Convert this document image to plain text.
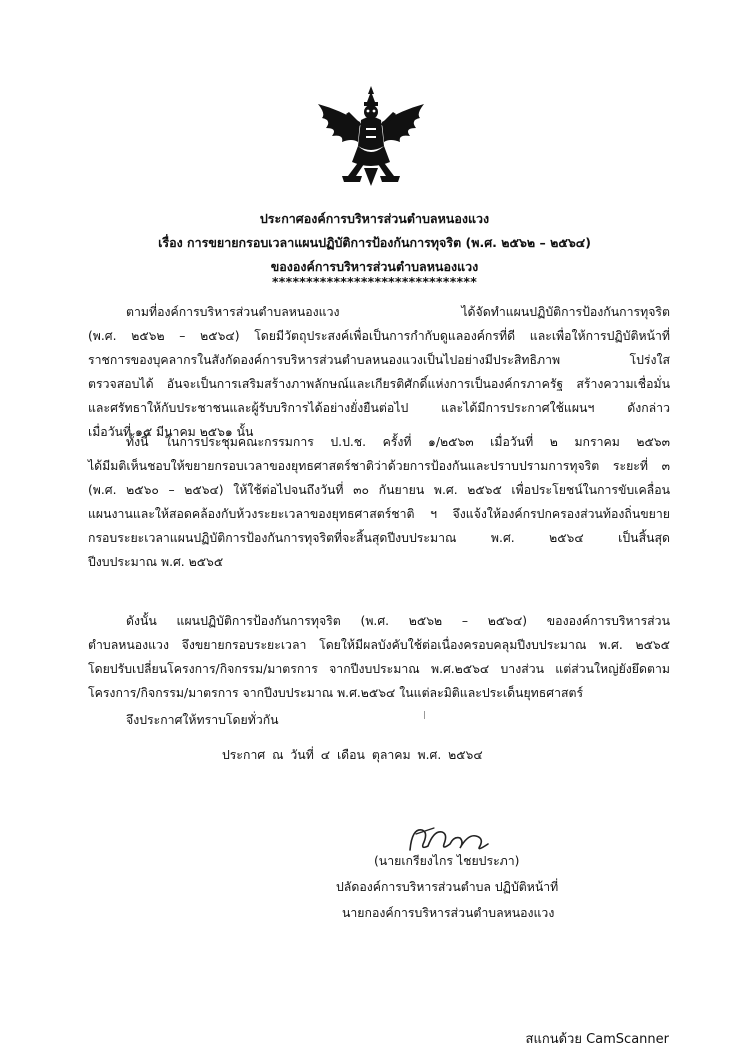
ประกาศองค์การบริหารส่วนตำบลหนองแวง
เรื่อง การขยายกรอบเวลาแผนปฏิบัติการป้องกันการทุจริต (พ.ศ. ๒๕๖๒ – ๒๕๖๔)
ขององค์การบริหารส่วนตำบลหนองแวง
******************************
ตามที่องค์การบริหารส่วนตำบลหนองแวง ได้จัดทำแผนปฏิบัติการป้องกันการทุจริต
(พ.ศ. ๒๕๖๒ – ๒๕๖๔) โดยมีวัตถุประสงค์เพื่อเป็นการกำกับดูแลองค์กรที่ดี และเพื่อให้การปฏิบัติหน้าที่
ราชการของบุคลากรในสังกัดองค์การบริหารส่วนตำบลหนองแวงเป็นไปอย่างมีประสิทธิภาพ โปร่งใส
ตรวจสอบได้ อันจะเป็นการเสริมสร้างภาพลักษณ์และเกียรติศักดิ์แห่งการเป็นองค์กรภาครัฐ สร้างความเชื่อมั่น
และศรัทธาให้กับประชาชนและผู้รับบริการได้อย่างยั่งยืนต่อไป และได้มีการประกาศใช้แผนฯ ดังกล่าว
เมื่อวันที่ ๑๕ มีนาคม ๒๕๖๑ นั้น
ทั้งนี้ ในการประชุมคณะกรรมการ ป.ป.ช. ครั้งที่ ๑/๒๕๖๓ เมื่อวันที่ ๒ มกราคม ๒๕๖๓
ได้มีมติเห็นชอบให้ขยายกรอบเวลาของยุทธศาสตร์ชาติว่าด้วยการป้องกันและปราบปรามการทุจริต ระยะที่ ๓
(พ.ศ. ๒๕๖๐ – ๒๕๖๔) ให้ใช้ต่อไปจนถึงวันที่ ๓๐ กันยายน พ.ศ. ๒๕๖๕ เพื่อประโยชน์ในการขับเคลื่อน
แผนงานและให้สอดคล้องกับห้วงระยะเวลาของยุทธศาสตร์ชาติ ฯ จึงแจ้งให้องค์กรปกครองส่วนท้องถิ่นขยาย
กรอบระยะเวลาแผนปฏิบัติการป้องกันการทุจริตที่จะสิ้นสุดปีงบประมาณ พ.ศ. ๒๕๖๔ เป็นสิ้นสุด
ปีงบประมาณ พ.ศ. ๒๕๖๕
ดังนั้น แผนปฏิบัติการป้องกันการทุจริต (พ.ศ. ๒๕๖๒ – ๒๕๖๔) ขององค์การบริหารส่วน
ตำบลหนองแวง จึงขยายกรอบระยะเวลา โดยให้มีผลบังคับใช้ต่อเนื่องครอบคลุมปีงบประมาณ พ.ศ. ๒๕๖๕
โดยปรับเปลี่ยนโครงการ/กิจกรรม/มาตรการ จากปีงบประมาณ พ.ศ.๒๕๖๔ บางส่วน แต่ส่วนใหญ่ยังยึดตาม
โครงการ/กิจกรรม/มาตรการ จากปีงบประมาณ พ.ศ.๒๕๖๔ ในแต่ละมิติและประเด็นยุทธศาสตร์
จึงประกาศให้ทราบโดยทั่วกัน
ประกาศ ณ วันที่ ๔ เดือน ตุลาคม พ.ศ. ๒๕๖๔
(นายเกรียงไกร ไชยประภา)
ปลัดองค์การบริหารส่วนตำบล ปฏิบัติหน้าที่
นายกองค์การบริหารส่วนตำบลหนองแวง
สแกนด้วย CamScanner
